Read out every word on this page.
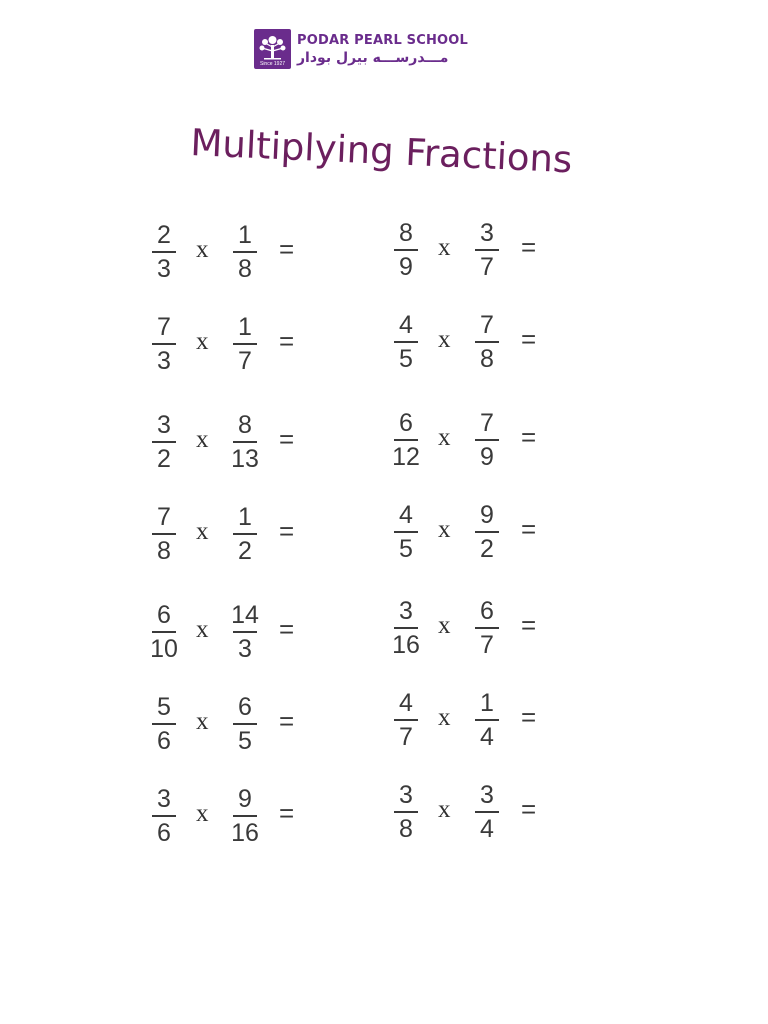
Since 1927
PODAR PEARL SCHOOL
مـــدرســـه بيرل بودار
Multiplying Fractions
2
3
x
1
8
=
7
3
x
1
7
=
3
2
x
8
13
=
7
8
x
1
2
=
6
10
x
14
3
=
5
6
x
6
5
=
3
6
x
9
16
=
8
9
x
3
7
=
4
5
x
7
8
=
6
12
x
7
9
=
4
5
x
9
2
=
3
16
x
6
7
=
4
7
x
1
4
=
3
8
x
3
4
=
